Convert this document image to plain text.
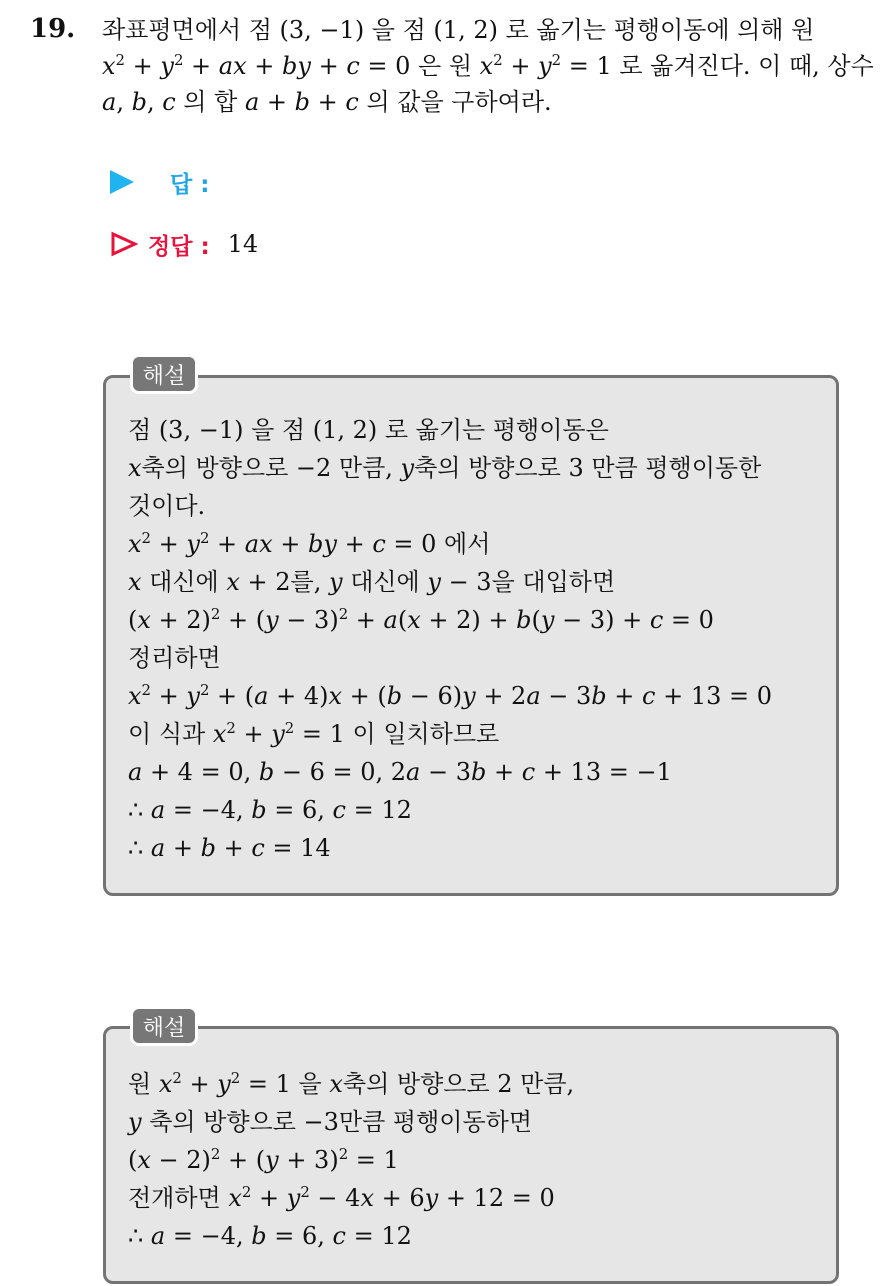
19. 좌표평면에서 점 (3, −1) 을 점 (1, 2) 로 옮기는 평행이동에 의해 원
$x^2 + y^2$ + ax + by + c = 0 은 원 $x^2 + y^2 = 1$ 로 옮겨진다. 이 때, 상수
a, b, c 의 합 a + b + c 의 값을 구하여라.
답 :
정답 : 14
점 (3, −1) 을 점 (1, 2) 로 옮기는 평행이동은
x축의 방향으로 −2 만큼, y축의 방향으로 3 만큼 평행이동한
것이다.
$x^2 + y^2$ + ax + by + c = 0 에서
x 대신에 x + 2를, y 대신에 y − 3을 대입하면
$(x + 2)^2 + (y - 3)^2 + a(x + 2) + b(y - 3) + c = 0$
정리하면
$x^2 + y^2 + (a + 4)x + (b - 6)y + 2a - 3b + c + 13 = 0$
이 식과 $x^2 + y^2 = 1$ 이 일치하므로
a + 4 = 0, b − 6 = 0, 2a − 3b + c + 13 = −1
∴ a = −4, b = 6, c = 12
∴ a + b + c = 14
해설
원 $x^2 + y^2 = 1$ 을 x축의 방향으로 2 만큼,
y 축의 방향으로 −3만큼 평행이동하면
$(x - 2)^2 + (y + 3)^2 = 1$
전개하면 $x^2 + y^2 - 4x + 6y + 12 = 0$
∴ a = −4, b = 6, c = 12
해설
